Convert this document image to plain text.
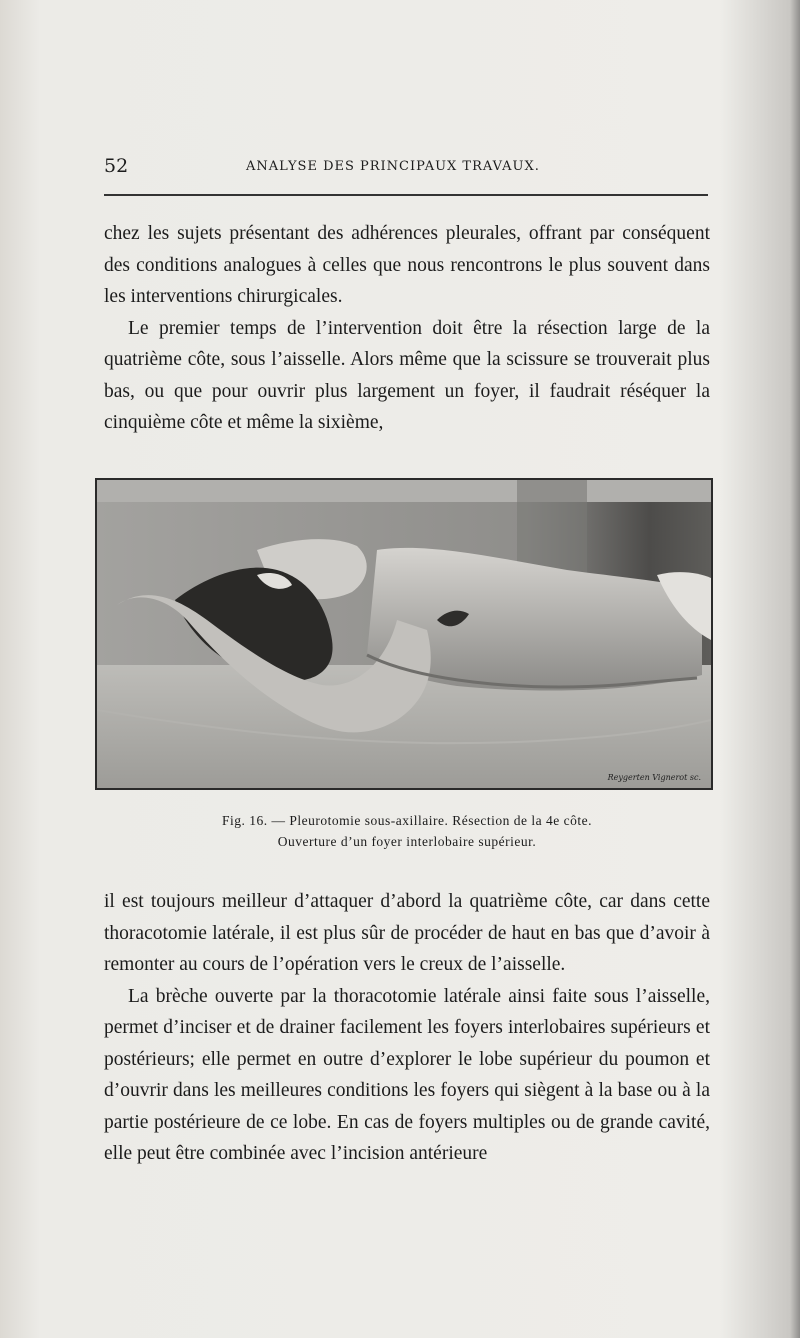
52	ANALYSE DES PRINCIPAUX TRAVAUX.

chez les sujets présentant des adhérences pleurales, offrant par conséquent des conditions analogues à celles que nous rencontrons le plus souvent dans les interventions chirurgicales.

Le premier temps de l’intervention doit être la résection large de la quatrième côte, sous l’aisselle. Alors même que la scissure se trouverait plus bas, ou que pour ouvrir plus largement un foyer, il faudrait réséquer la cinquième côte et même la sixième,

Reygerten Vignerot sc.
Fig. 16. — Pleurotomie sous-axillaire. Résection de la 4e côte.
Ouverture d’un foyer interlobaire supérieur.

il est toujours meilleur d’attaquer d’abord la quatrième côte, car dans cette thoracotomie latérale, il est plus sûr de procéder de haut en bas que d’avoir à remonter au cours de l’opération vers le creux de l’aisselle.

La brèche ouverte par la thoracotomie latérale ainsi faite sous l’aisselle, permet d’inciser et de drainer facilement les foyers interlobaires supérieurs et postérieurs; elle permet en outre d’explorer le lobe supérieur du poumon et d’ouvrir dans les meilleures conditions les foyers qui siègent à la base ou à la partie postérieure de ce lobe. En cas de foyers multiples ou de grande cavité, elle peut être combinée avec l’incision antérieure
